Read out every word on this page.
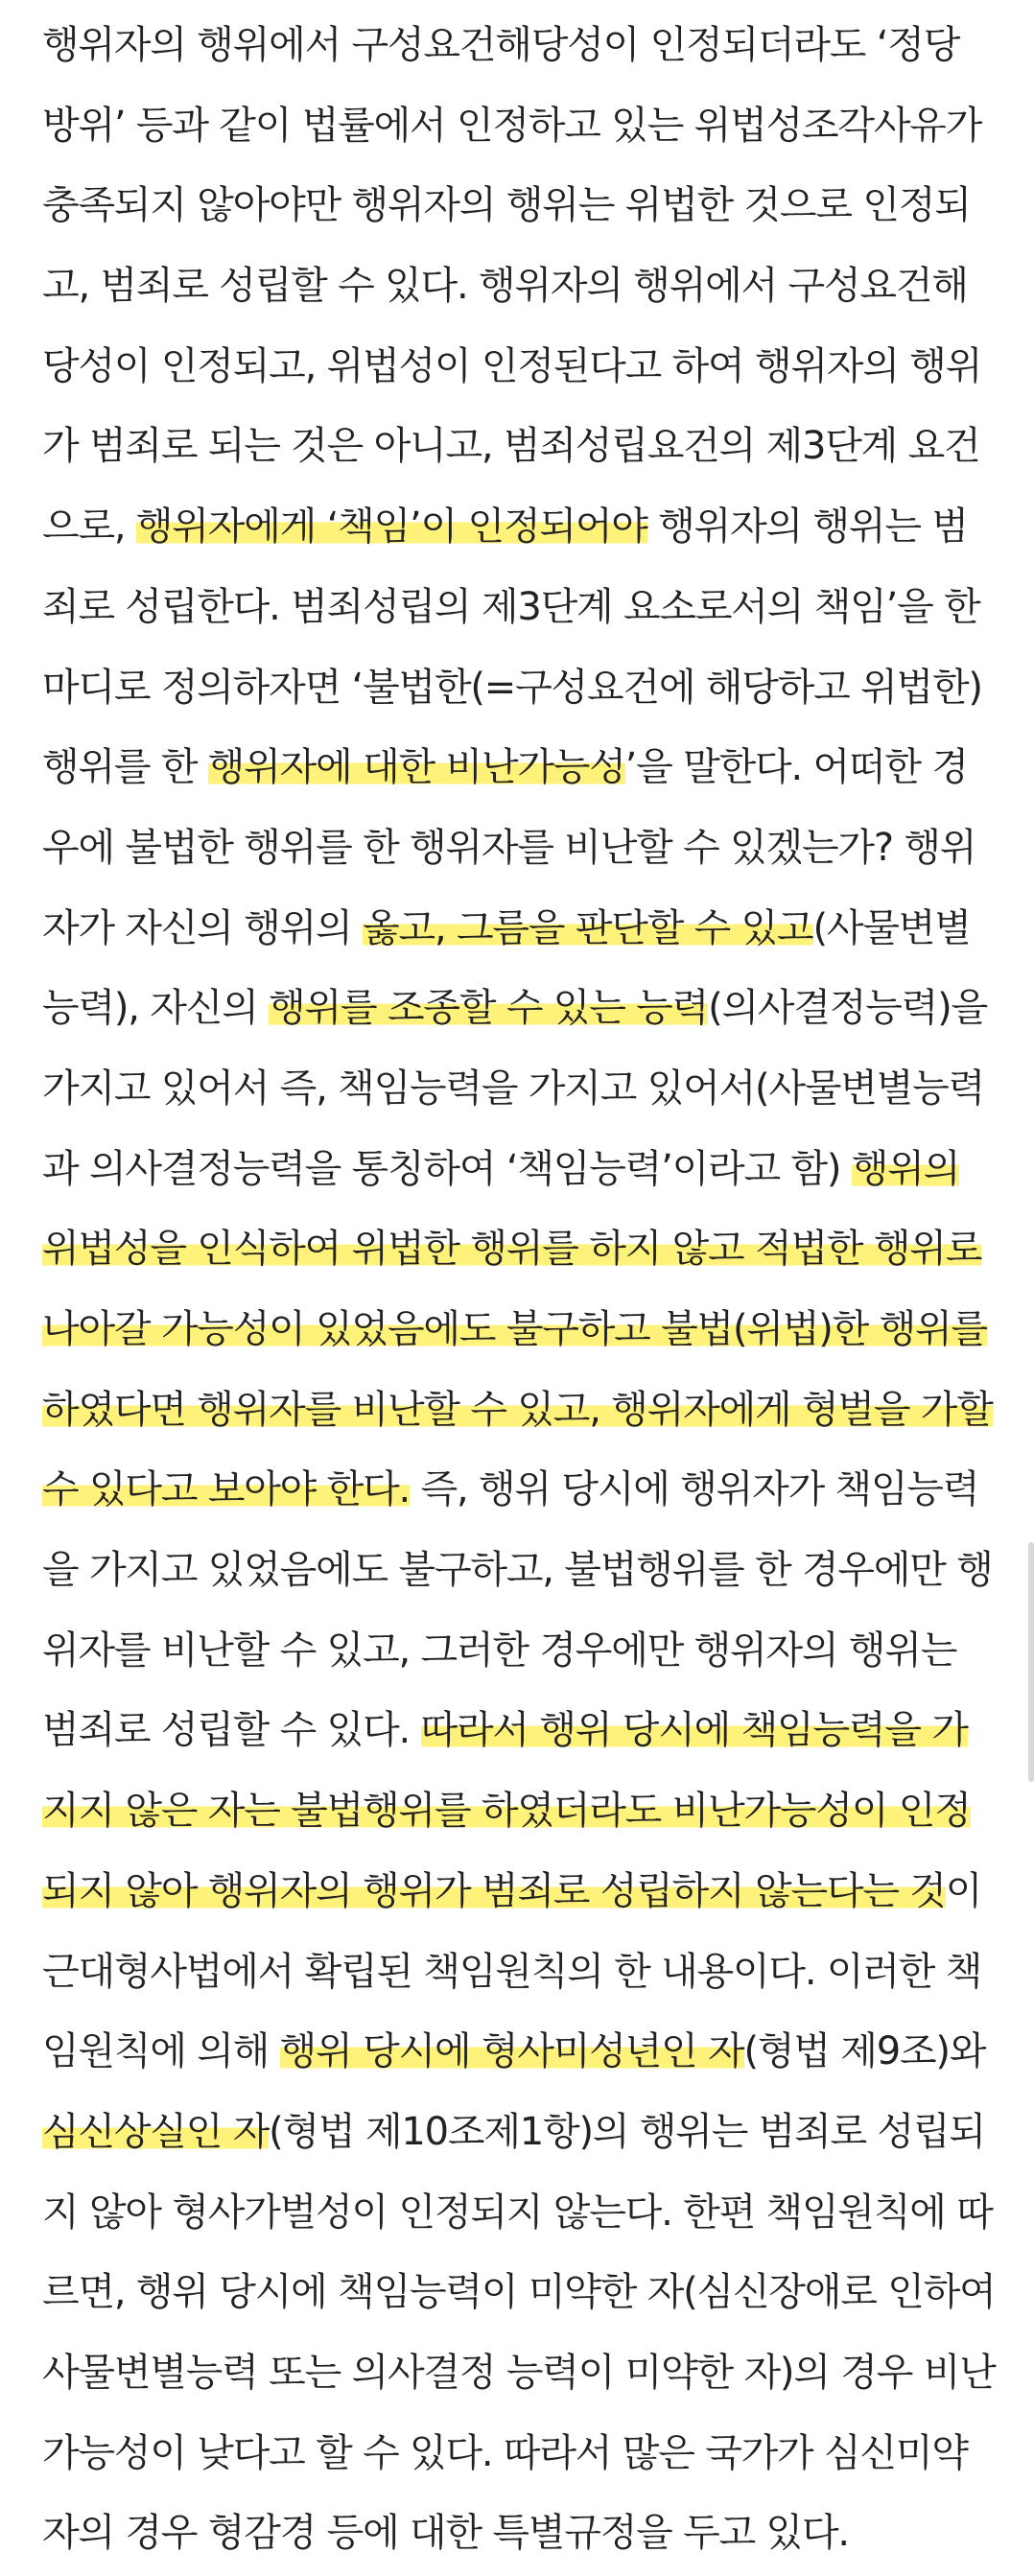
행위자의 행위에서 구성요건해당성이 인정되더라도 ‘정당
방위’ 등과 같이 법률에서 인정하고 있는 위법성조각사유가
충족되지 않아야만 행위자의 행위는 위법한 것으로 인정되
고, 범죄로 성립할 수 있다. 행위자의 행위에서 구성요건해
당성이 인정되고, 위법성이 인정된다고 하여 행위자의 행위
가 범죄로 되는 것은 아니고, 범죄성립요건의 제3단계 요건
으로, 행위자에게 ‘책임’이 인정되어야 행위자의 행위는 범
죄로 성립한다. 범죄성립의 제3단계 요소로서의 책임’을 한
마디로 정의하자면 ‘불법한(=구성요건에 해당하고 위법한)
행위를 한 행위자에 대한 비난가능성’을 말한다. 어떠한 경
우에 불법한 행위를 한 행위자를 비난할 수 있겠는가? 행위
자가 자신의 행위의 옳고, 그름을 판단할 수 있고(사물변별
능력), 자신의 행위를 조종할 수 있는 능력(의사결정능력)을
가지고 있어서 즉, 책임능력을 가지고 있어서(사물변별능력
과 의사결정능력을 통칭하여 ‘책임능력’이라고 함) 행위의
위법성을 인식하여 위법한 행위를 하지 않고 적법한 행위로
나아갈 가능성이 있었음에도 불구하고 불법(위법)한 행위를
하였다면 행위자를 비난할 수 있고, 행위자에게 형벌을 가할
수 있다고 보아야 한다. 즉, 행위 당시에 행위자가 책임능력
을 가지고 있었음에도 불구하고, 불법행위를 한 경우에만 행
위자를 비난할 수 있고, 그러한 경우에만 행위자의 행위는
범죄로 성립할 수 있다. 따라서 행위 당시에 책임능력을 가
지지 않은 자는 불법행위를 하였더라도 비난가능성이 인정
되지 않아 행위자의 행위가 범죄로 성립하지 않는다는 것이
근대형사법에서 확립된 책임원칙의 한 내용이다. 이러한 책
임원칙에 의해 행위 당시에 형사미성년인 자(형법 제9조)와
심신상실인 자(형법 제10조제1항)의 행위는 범죄로 성립되
지 않아 형사가벌성이 인정되지 않는다. 한편 책임원칙에 따
르면, 행위 당시에 책임능력이 미약한 자(심신장애로 인하여
사물변별능력 또는 의사결정 능력이 미약한 자)의 경우 비난
가능성이 낮다고 할 수 있다. 따라서 많은 국가가 심신미약
자의 경우 형감경 등에 대한 특별규정을 두고 있다.
